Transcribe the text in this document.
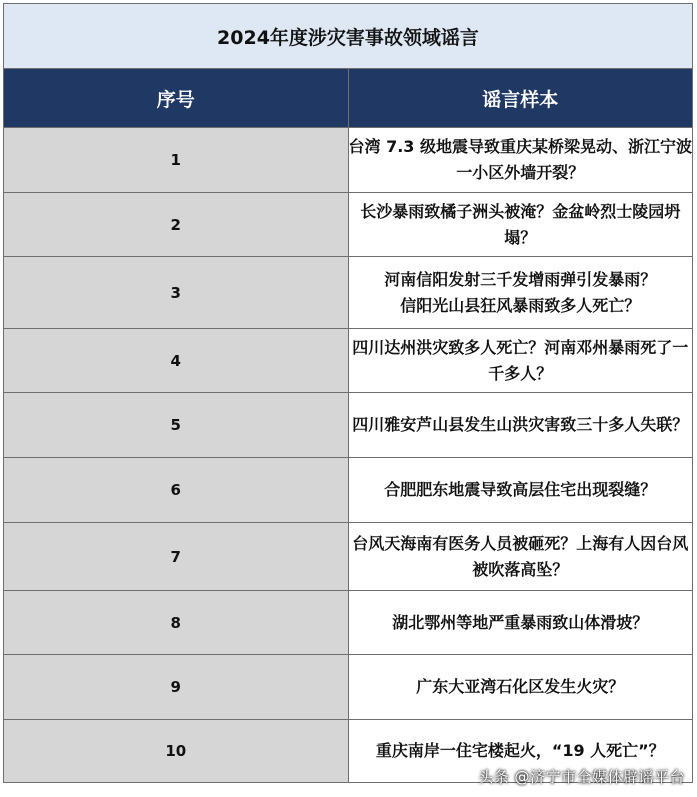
2024年度涉灾害事故领域谣言	
序号	谣言样本
1	台湾 7.3 级地震导致重庆某桥梁晃动、浙江宁波一小区外墙开裂？

2	长沙暴雨致橘子洲头被淹？金盆岭烈士陵园坍塌？

3	河南信阳发射三千发增雨弹引发暴雨？
信阳光山县狂风暴雨致多人死亡？

4	四川达州洪灾致多人死亡？河南邓州暴雨死了一千多人？

5	四川雅安芦山县发生山洪灾害致三十多人失联？

6	合肥肥东地震导致高层住宅出现裂缝？

7	台风天海南有医务人员被砸死？上海有人因台风被吹落高坠？

8	湖北鄂州等地严重暴雨致山体滑坡？

9	广东大亚湾石化区发生火灾？

10	重庆南岸一住宅楼起火，“19 人死亡”？
头条 @济宁市全媒体辟谣平台
